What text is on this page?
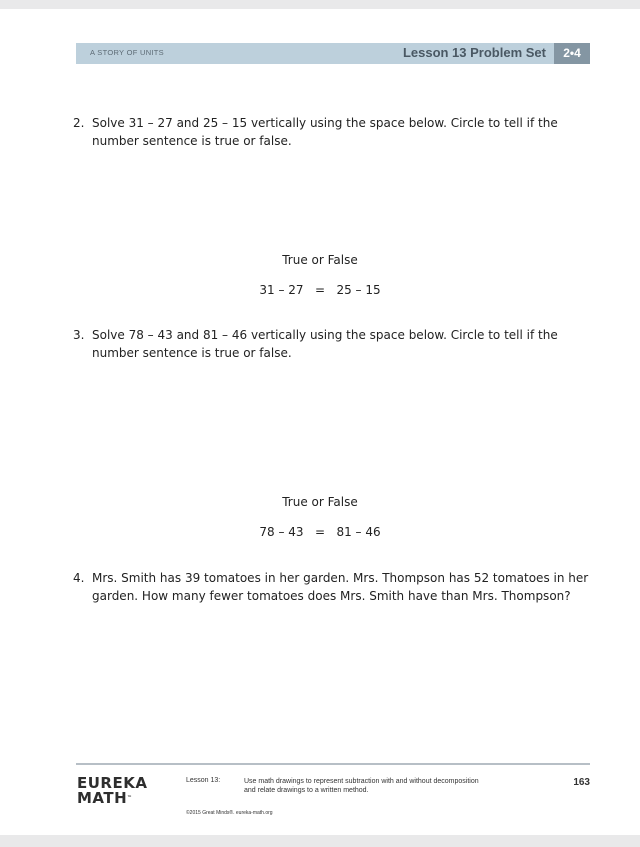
A STORY OF UNITS	Lesson 13 Problem Set	2•4
2. Solve 31 – 27 and 25 – 15 vertically using the space below. Circle to tell if the number sentence is true or false.
True or False
31 – 27   =   25 – 15
3. Solve 78 – 43 and 81 – 46 vertically using the space below. Circle to tell if the number sentence is true or false.
True or False
78 – 43   =   81 – 46
4. Mrs. Smith has 39 tomatoes in her garden. Mrs. Thompson has 52 tomatoes in her garden. How many fewer tomatoes does Mrs. Smith have than Mrs. Thompson?
EUREKA
MATH™
Lesson 13:	Use math drawings to represent subtraction with and without decomposition and relate drawings to a written method.
©2015 Great Minds®. eureka-math.org
163
